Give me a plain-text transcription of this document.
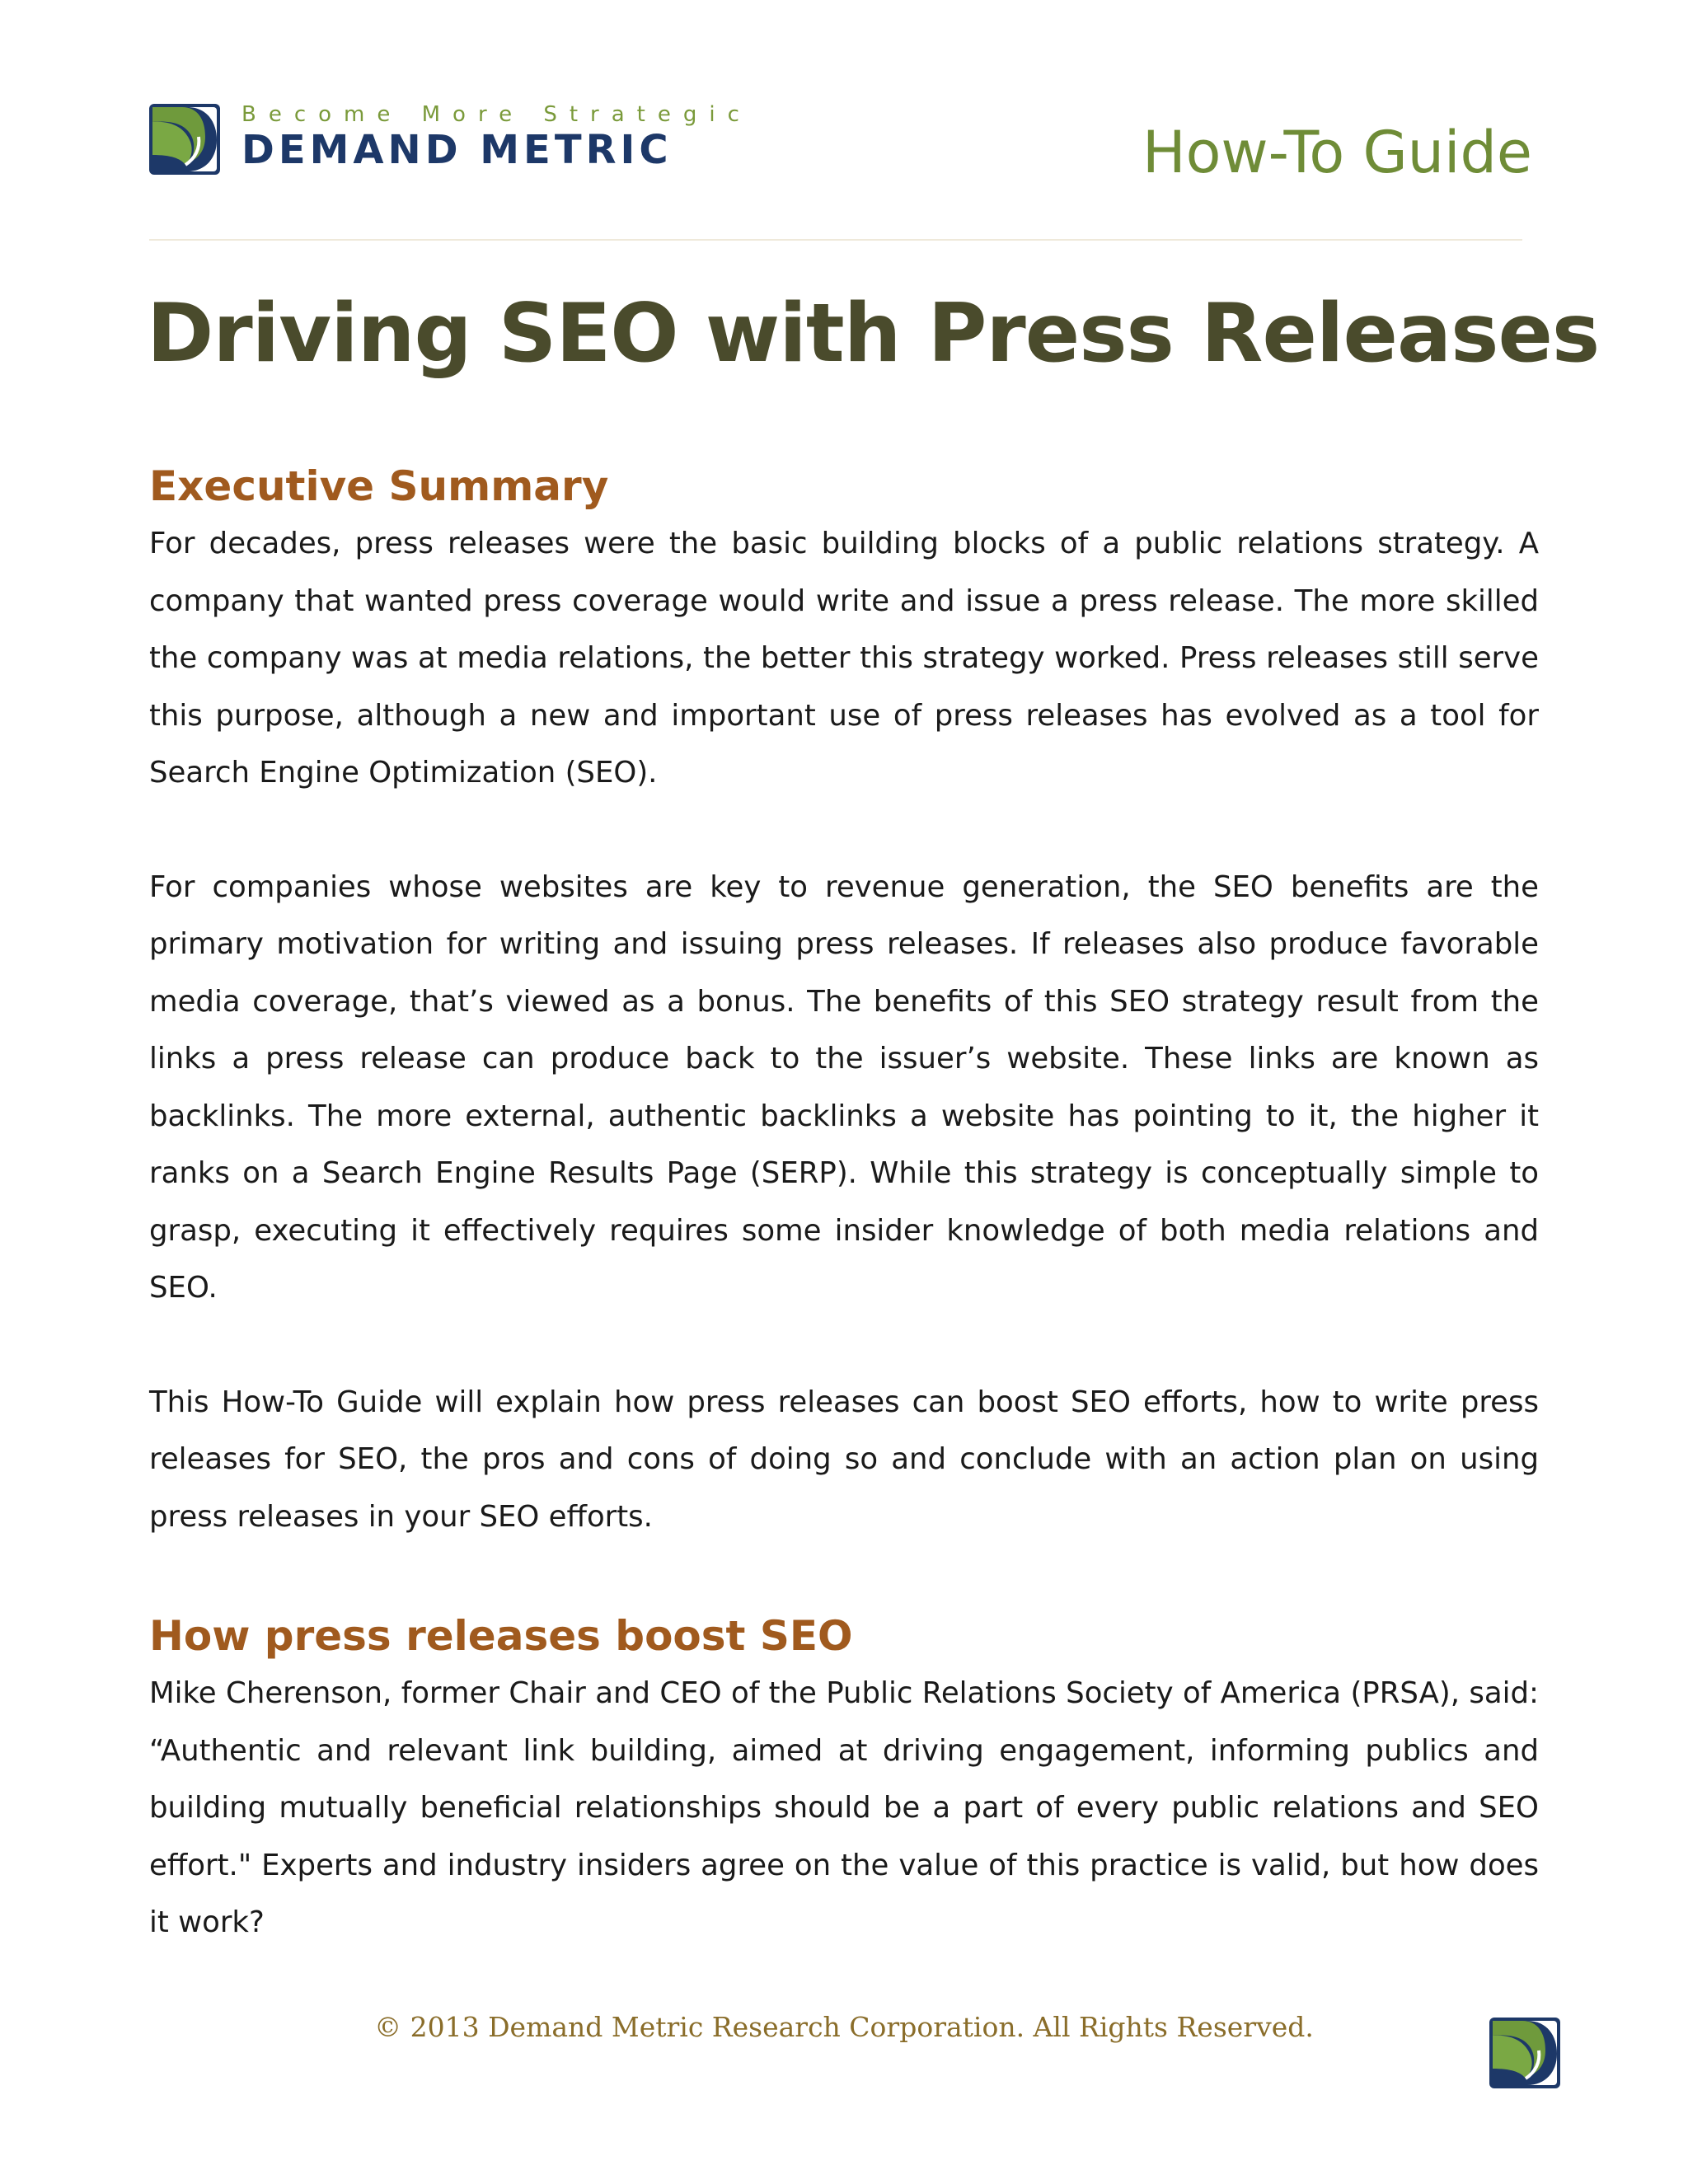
Become More Strategic
DEMAND METRIC	How-To Guide
Driving SEO with Press Releases
Executive Summary

For decades, press releases were the basic building blocks of a public relations strategy. A company that wanted press coverage would write and issue a press release. The more skilled the company was at media relations, the better this strategy worked. Press releases still serve this purpose, although a new and important use of press releases has evolved as a tool for Search Engine Optimization (SEO).

For companies whose websites are key to revenue generation, the SEO benefits are the primary motivation for writing and issuing press releases. If releases also produce favorable media coverage, that’s viewed as a bonus. The benefits of this SEO strategy result from the links a press release can produce back to the issuer’s website. These links are known as backlinks. The more external, authentic backlinks a website has pointing to it, the higher it ranks on a Search Engine Results Page (SERP). While this strategy is conceptually simple to grasp, executing it effectively requires some insider knowledge of both media relations and SEO.

This How-To Guide will explain how press releases can boost SEO efforts, how to write press releases for SEO, the pros and cons of doing so and conclude with an action plan on using press releases in your SEO efforts.

How press releases boost SEO

Mike Cherenson, former Chair and CEO of the Public Relations Society of America (PRSA), said: “Authentic and relevant link building, aimed at driving engagement, informing publics and building mutually beneficial relationships should be a part of every public relations and SEO effort." Experts and industry insiders agree on the value of this practice is valid, but how does it work?

© 2013 Demand Metric Research Corporation. All Rights Reserved.
